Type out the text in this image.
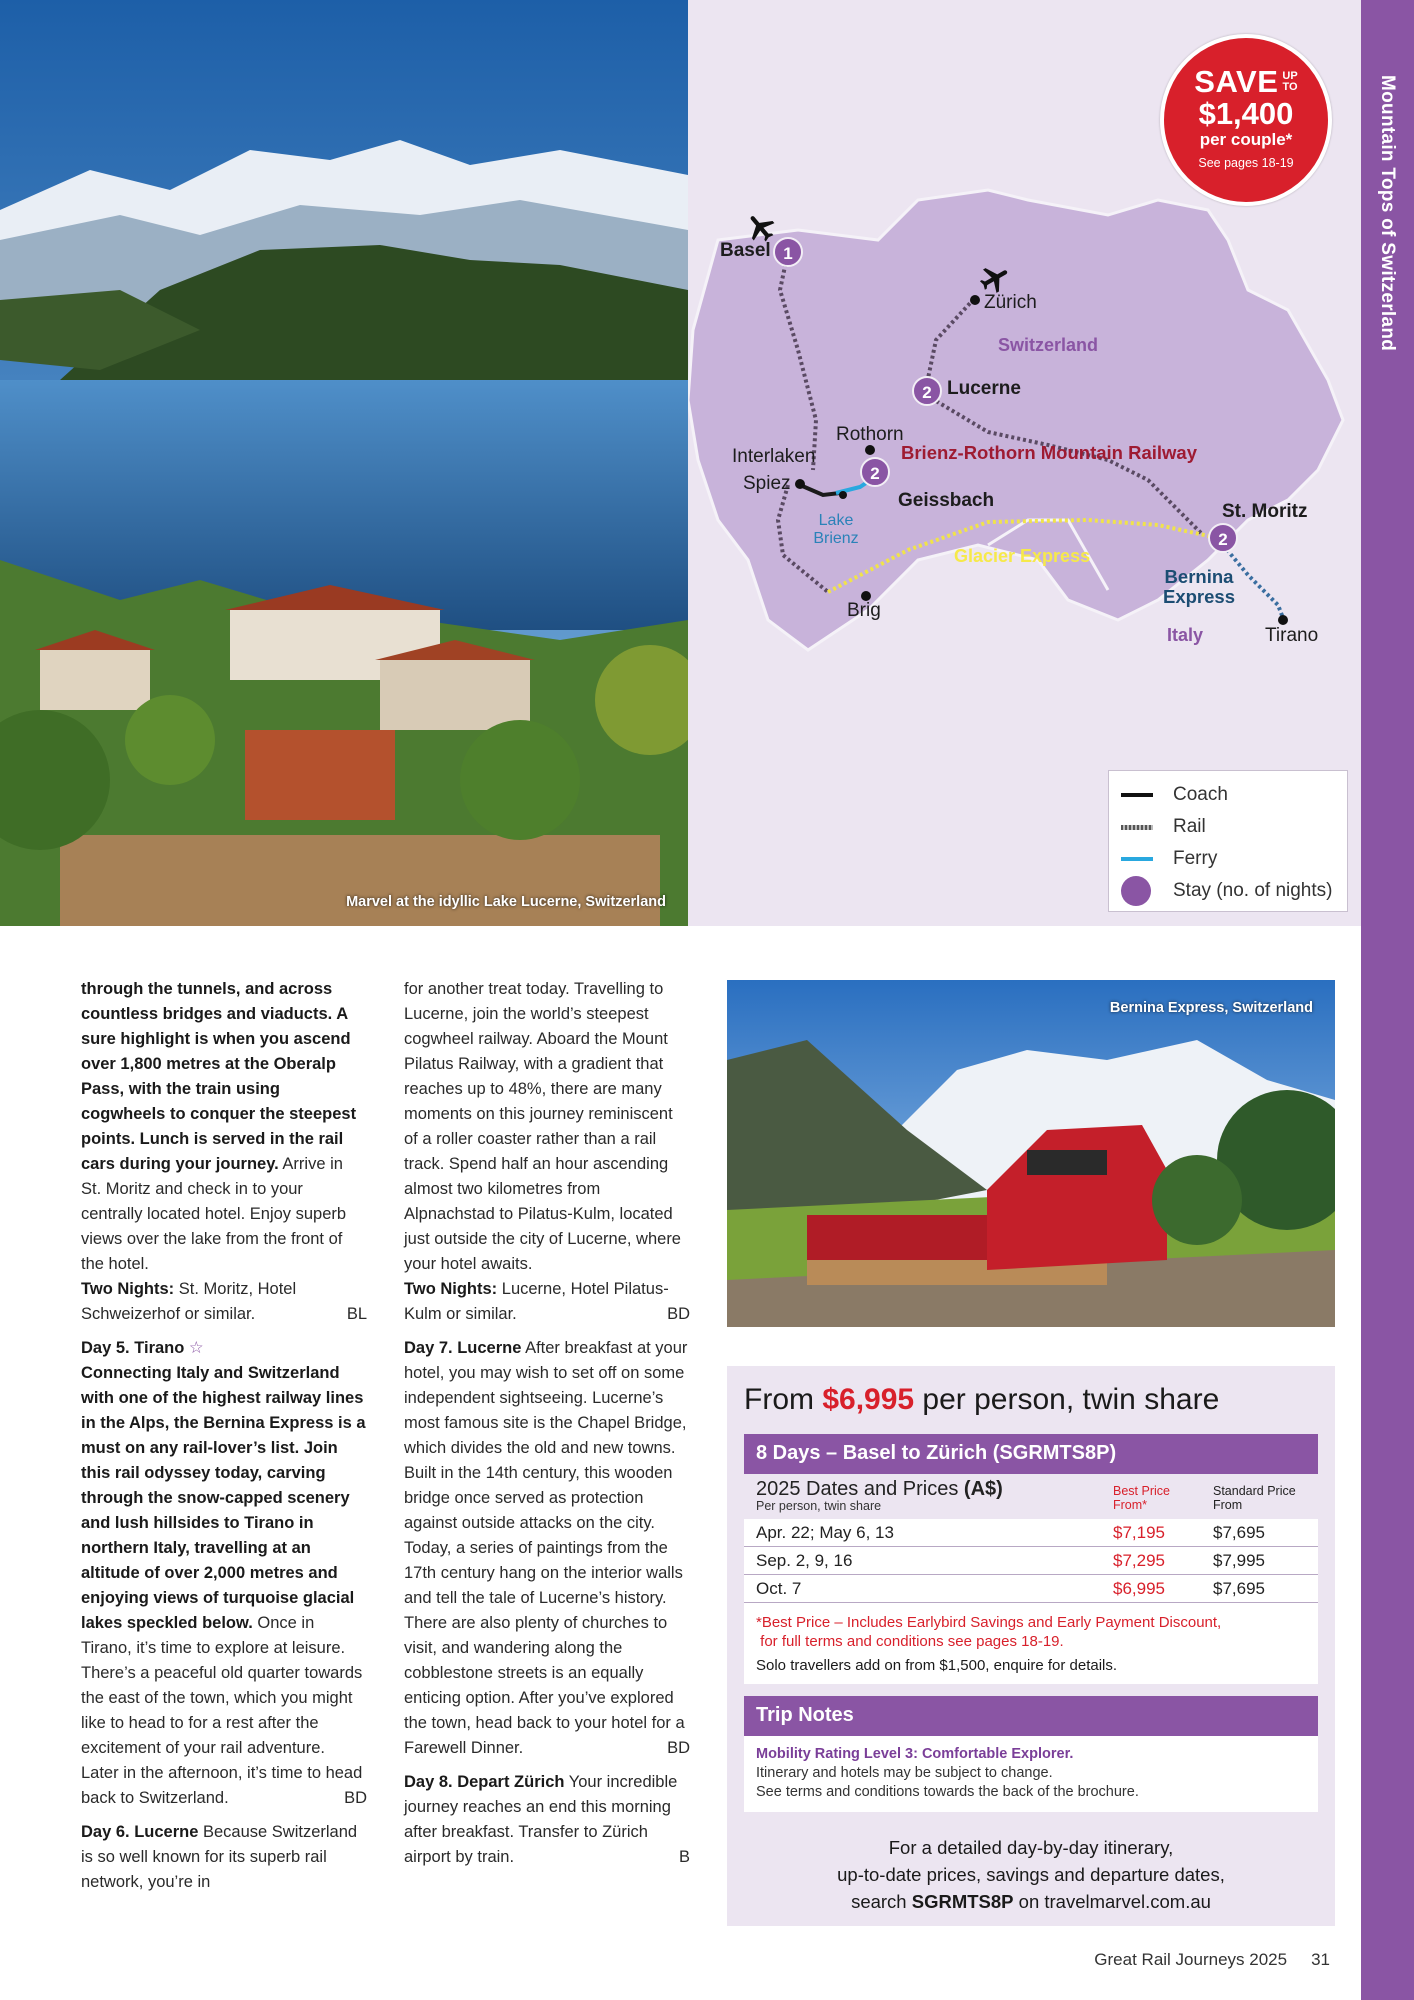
Mountain Tops of Switzerland
Marvel at the idyllic Lake Lucerne, Switzerland
1
2
2
2
Basel
Zürich
Switzerland
Lucerne
Rothorn
Interlaken
Spiez
Brienz-Rothorn Mountain Railway
Geissbach
Lake Brienz
Glacier Express
Brig
St. Moritz
Bernina Express
Italy	Tirano
SAVE UP
TO
$1,400
per couple*
See pages 18-19
Coach
Rail
Ferry
Stay (no. of nights)
through the tunnels, and across countless bridges and viaducts. A sure highlight is when you ascend over 1,800 metres at the Oberalp Pass, with the train using cogwheels to conquer the steepest points. Lunch is served in the rail cars during your journey. Arrive in St. Moritz and check in to your centrally located hotel. Enjoy superb views over the lake from the front of the hotel.
Two Nights: St. Moritz, Hotel Schweizerhof or similar.	BL
Day 5. Tirano ☆
Connecting Italy and Switzerland with one of the highest railway lines in the Alps, the Bernina Express is a must on any rail-lover’s list. Join this rail odyssey today, carving through the snow-capped scenery and lush hillsides to Tirano in northern Italy, travelling at an altitude of over 2,000 metres and enjoying views of turquoise glacial lakes speckled below. Once in Tirano, it’s time to explore at leisure. There’s a peaceful old quarter towards the east of the town, which you might like to head to for a rest after the excitement of your rail adventure. Later in the afternoon, it’s time to head back to Switzerland.	BD
Day 6. Lucerne Because Switzerland is so well known for its superb rail network, you’re in
for another treat today. Travelling to Lucerne, join the world’s steepest cogwheel railway. Aboard the Mount Pilatus Railway, with a gradient that reaches up to 48%, there are many moments on this journey reminiscent of a roller coaster rather than a rail track. Spend half an hour ascending almost two kilometres from Alpnachstad to Pilatus-Kulm, located just outside the city of Lucerne, where your hotel awaits.
Two Nights: Lucerne, Hotel Pilatus-Kulm or similar.	BD
Day 7. Lucerne After breakfast at your hotel, you may wish to set off on some independent sightseeing. Lucerne’s most famous site is the Chapel Bridge, which divides the old and new towns. Built in the 14th century, this wooden bridge once served as protection against outside attacks on the city. Today, a series of paintings from the 17th century hang on the interior walls and tell the tale of Lucerne’s history. There are also plenty of churches to visit, and wandering along the cobblestone streets is an equally enticing option. After you’ve explored the town, head back to your hotel for a Farewell Dinner.	BD
Day 8. Depart Zürich Your incredible journey reaches an end this morning after breakfast. Transfer to Zürich airport by train.	B
Bernina Express, Switzerland
From $6,995 per person, twin share
8 Days – Basel to Zürich (SGRMTS8P)
2025 Dates and Prices (A$)
Per person, twin share
Best Price
From*
Standard Price
From
Apr. 22; May 6, 13	$7,195	$7,695
Sep. 2, 9, 16	$7,295	$7,995
Oct. 7	$6,995	$7,695
*Best Price – Includes Earlybird Savings and Early Payment Discount,
for full terms and conditions see pages 18-19.
Solo travellers add on from $1,500, enquire for details.
Trip Notes
Mobility Rating Level 3: Comfortable Explorer.
Itinerary and hotels may be subject to change.
See terms and conditions towards the back of the brochure.
For a detailed day-by-day itinerary,
up-to-date prices, savings and departure dates,
search SGRMTS8P on travelmarvel.com.au
Great Rail Journeys 2025 31
